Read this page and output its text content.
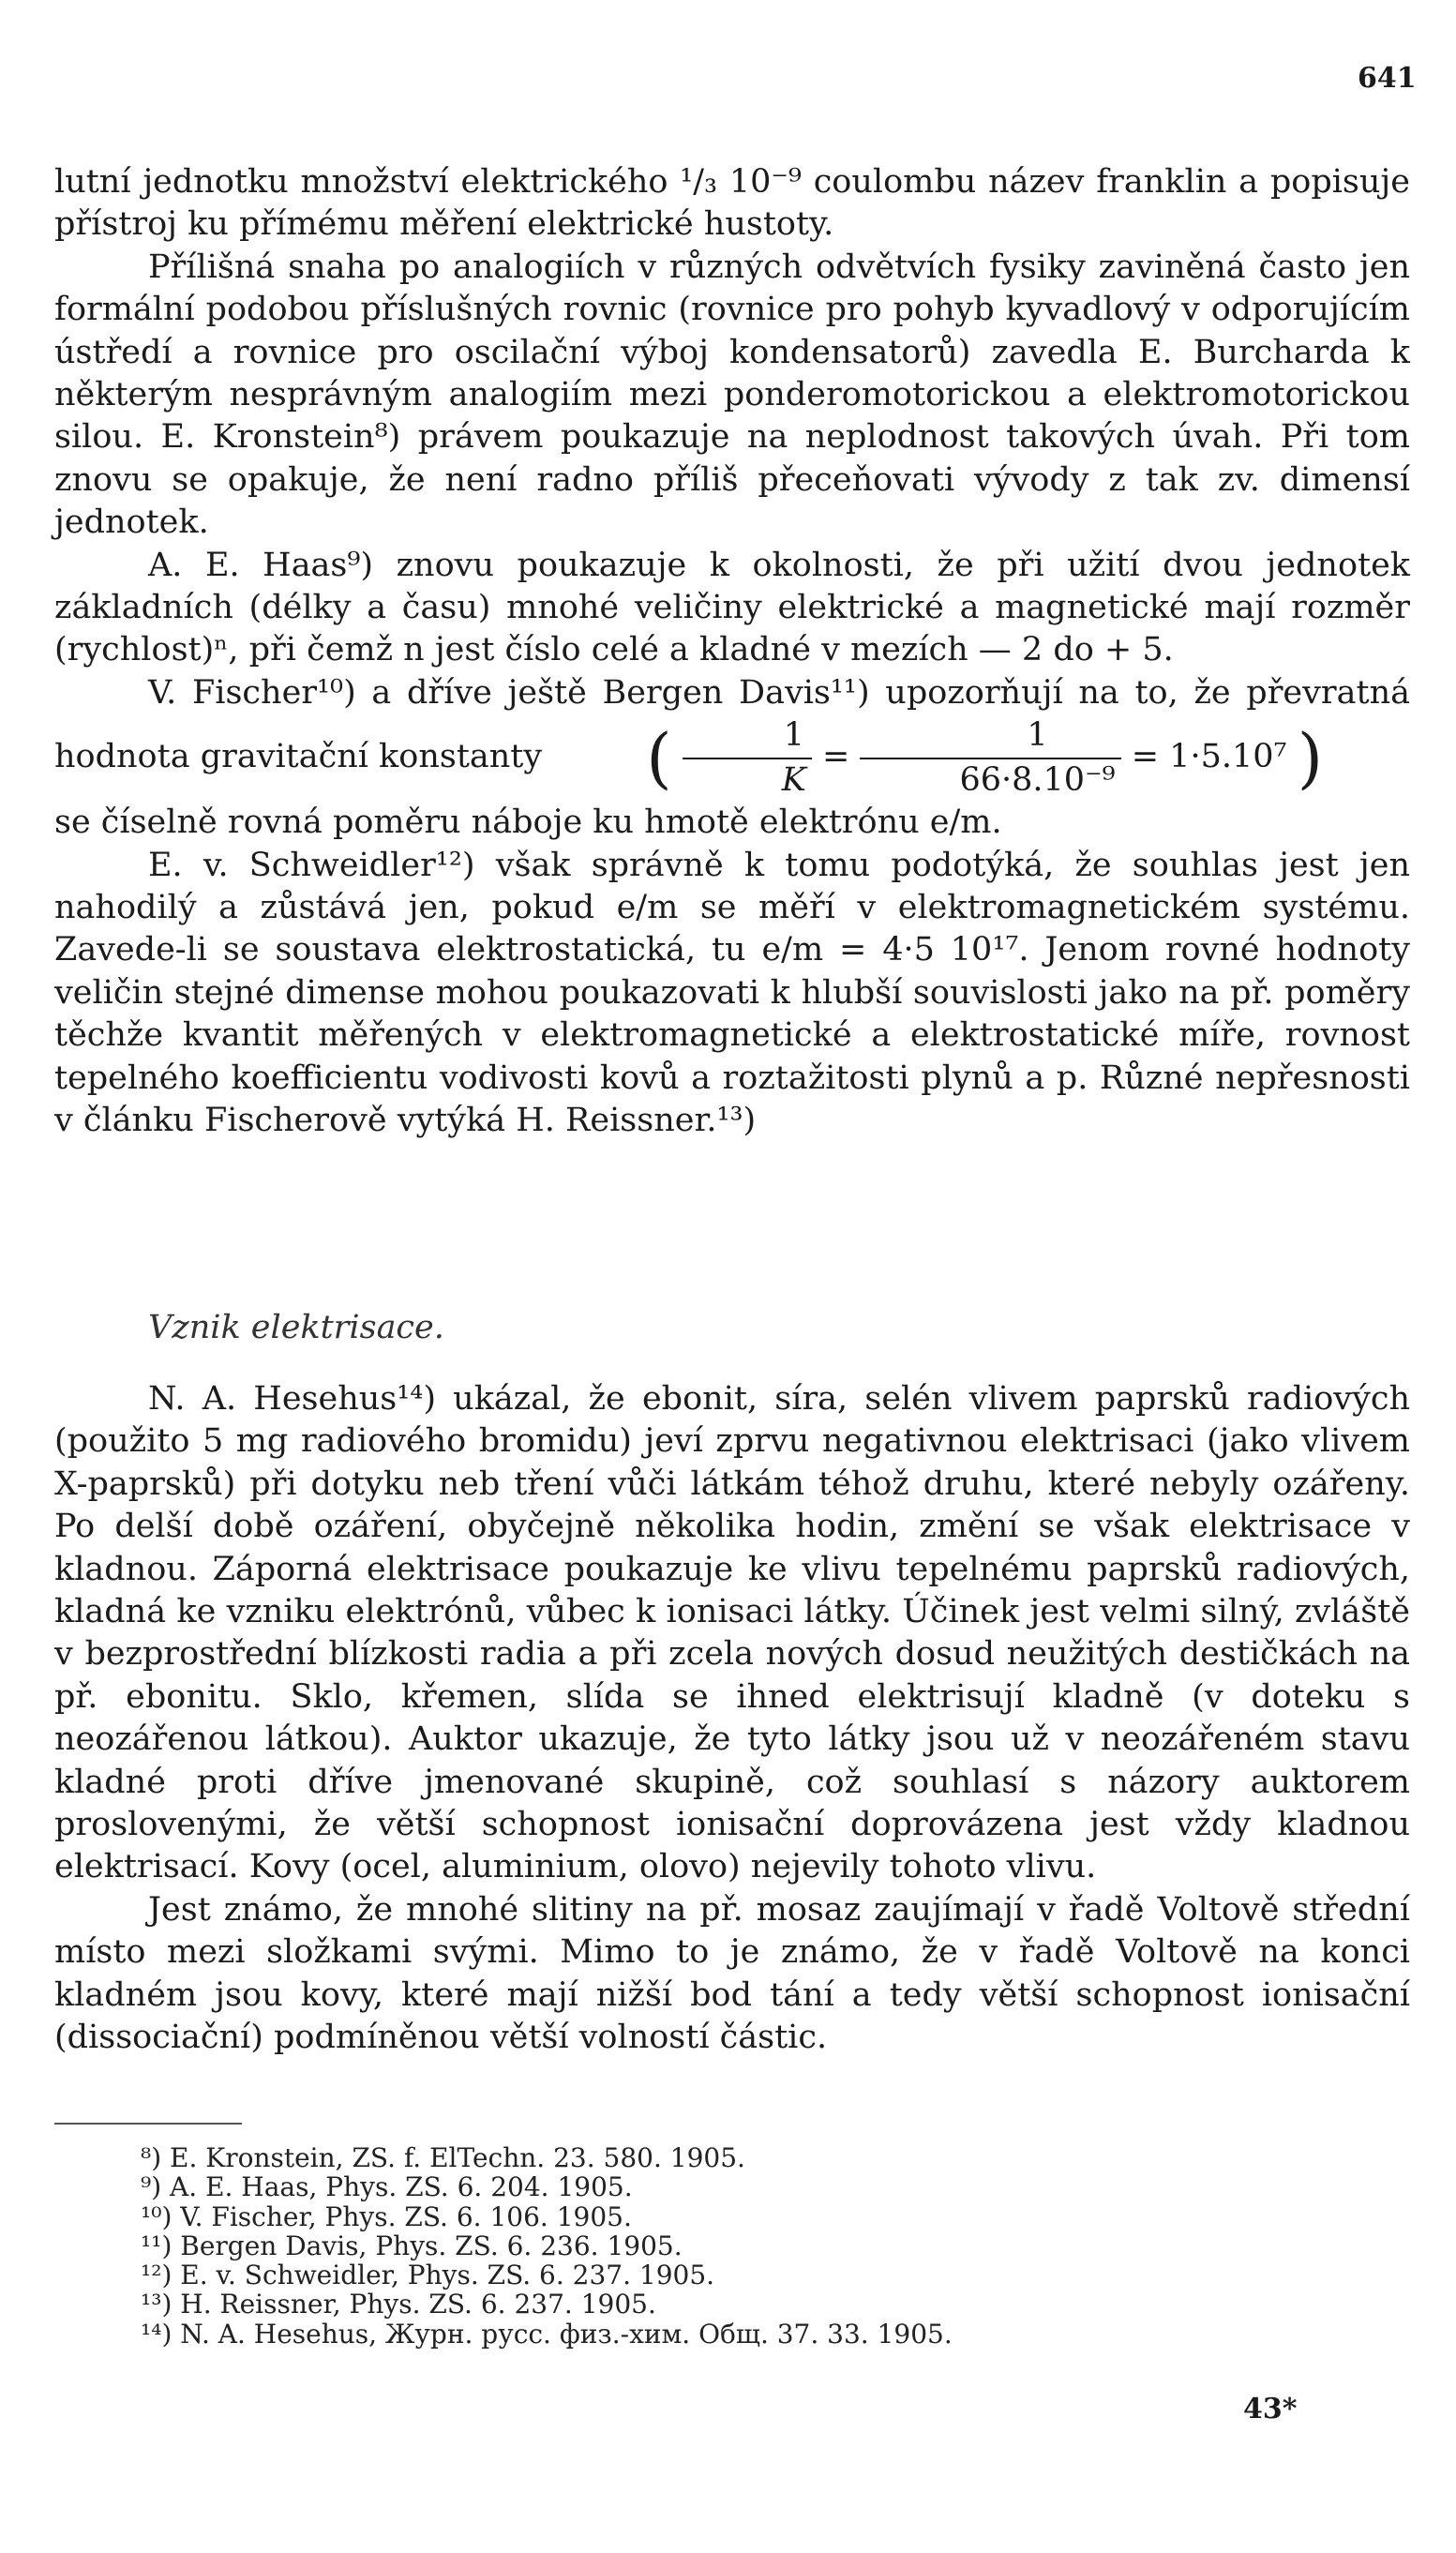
641

lutní jednotku množství elektrického ¹/₃ 10⁻⁹ coulombu název franklin a popisuje přístroj ku přímému měření elektrické hustoty.

Přílišná snaha po analogiích v různých odvětvích fysiky zaviněná často jen formální podobou příslušných rovnic (rovnice pro pohyb kyvadlový v odporujícím ústředí a rovnice pro oscilační výboj kondensatorů) zavedla E. Burcharda k některým nesprávným analogiím mezi ponderomotorickou a elektromotorickou silou. E. Kronstein⁸) právem poukazuje na neplodnost takových úvah. Při tom znovu se opakuje, že není radno příliš přeceňovati vývody z tak zv. dimensí jednotek.

A. E. Haas⁹) znovu poukazuje k okolnosti, že při užití dvou jednotek základních (délky a času) mnohé veličiny elektrické a magnetické mají rozměr (rychlost)ⁿ, při čemž n jest číslo celé a kladné v mezích — 2 do + 5.

V. Fischer¹⁰) a dříve ještě Bergen Davis¹¹) upozorňují na to, že převratná hodnota gravitační konstanty ( $\frac{1}{K} = \frac{1}{\text{66·8.10⁻⁹}} = 1\cdot 5.10^7$ )

se číselně rovná poměru náboje ku hmotě elektrónu e/m.

E. v. Schweidler¹²) však správně k tomu podotýká, že souhlas jest jen nahodilý a zůstává jen, pokud e/m se měří v elektromagnetickém systému. Zavede-li se soustava elektrostatická, tu e/m = 4·5 10¹⁷. Jenom rovné hodnoty veličin stejné dimense mohou poukazovati k hlubší souvislosti jako na př. poměry těchže kvantit měřených v elektromagnetické a elektrostatické míře, rovnost tepelného koefficientu vodivosti kovů a roztažitosti plynů a p. Různé nepřesnosti v článku Fischerově vytýká H. Reissner.¹³)

Vznik elektrisace.

N. A. Hesehus¹⁴) ukázal, že ebonit, síra, selén vlivem paprsků radiových (použito 5 mg radiového bromidu) jeví zprvu negativnou elektrisaci (jako vlivem X-paprsků) při dotyku neb tření vůči látkám téhož druhu, které nebyly ozářeny. Po delší době ozáření, obyčejně několika hodin, změní se však elektrisace v kladnou. Záporná elektrisace poukazuje ke vlivu tepelnému paprsků radiových, kladná ke vzniku elektrónů, vůbec k ionisaci látky. Účinek jest velmi silný, zvláště v bezprostřední blízkosti radia a při zcela nových dosud neužitých destičkách na př. ebonitu. Sklo, křemen, slída se ihned elektrisují kladně (v doteku s neozářenou látkou). Auktor ukazuje, že tyto látky jsou už v neozářeném stavu kladné proti dříve jmenované skupině, což souhlasí s názory auktorem proslovenými, že větší schopnost ionisační doprovázena jest vždy kladnou elektrisací. Kovy (ocel, aluminium, olovo) nejevily tohoto vlivu.

Jest známo, že mnohé slitiny na př. mosaz zaujímají v řadě Voltově střední místo mezi složkami svými. Mimo to je známo, že v řadě Voltově na konci kladném jsou kovy, které mají nižší bod tání a tedy větší schopnost ionisační (dissociační) podmíněnou větší volností částic.

⁸) E. Kronstein, ZS. f. ElTechn. 23. 580. 1905.
⁹) A. E. Haas, Phys. ZS. 6. 204. 1905.
¹⁰) V. Fischer, Phys. ZS. 6. 106. 1905.
¹¹) Bergen Davis, Phys. ZS. 6. 236. 1905.
¹²) E. v. Schweidler, Phys. ZS. 6. 237. 1905.
¹³) H. Reissner, Phys. ZS. 6. 237. 1905.
¹⁴) N. A. Hesehus, Журн. русс. физ.-хим. Общ. 37. 33. 1905.
43*
